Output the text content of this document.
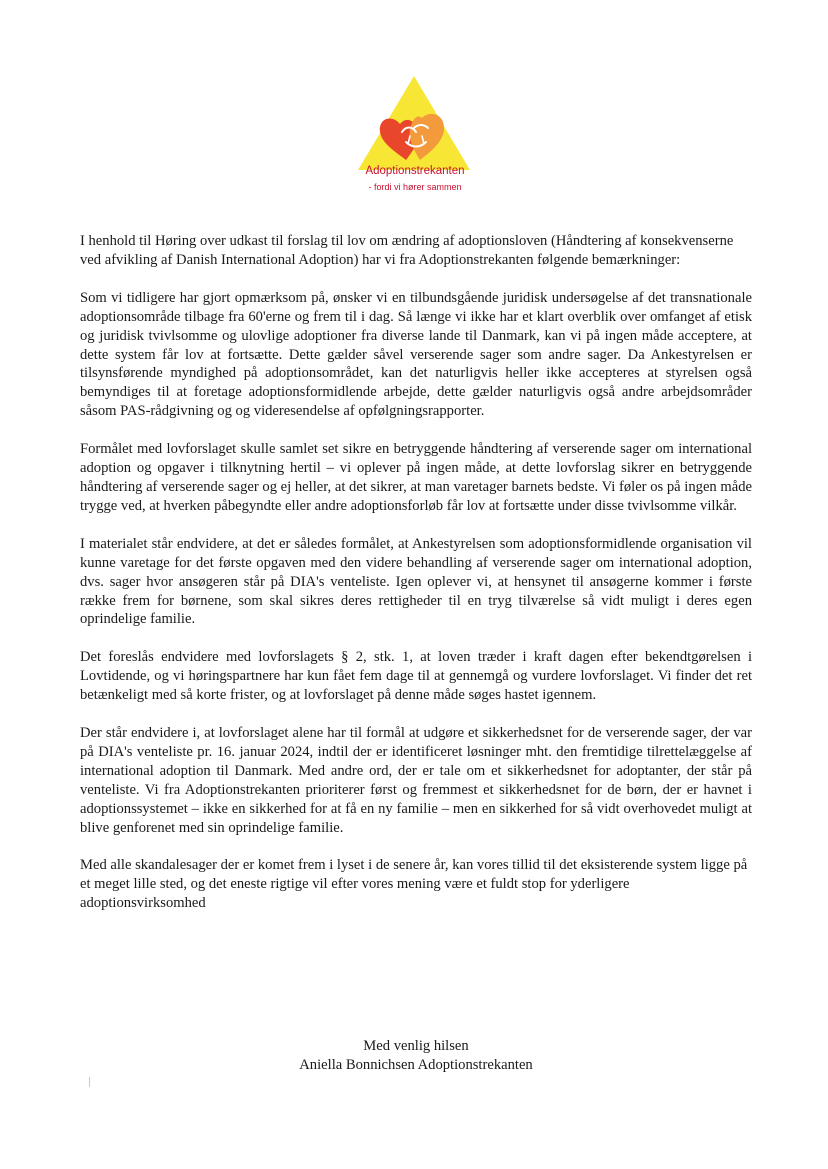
Adoptionstrekanten
- fordi vi hører sammen

I henhold til Høring over udkast til forslag til lov om ændring af adoptionsloven (Håndtering af konsekvenserne ved afvikling af Danish International Adoption) har vi fra Adoptionstrekanten følgende bemærkninger:

Som vi tidligere har gjort opmærksom på, ønsker vi en tilbundsgående juridisk undersøgelse af det transnationale adoptionsområde tilbage fra 60'erne og frem til i dag. Så længe vi ikke har et klart overblik over omfanget af etisk og juridisk tvivlsomme og ulovlige adoptioner fra diverse lande til Danmark, kan vi på ingen måde acceptere, at dette system får lov at fortsætte. Dette gælder såvel verserende sager som andre sager. Da Ankestyrelsen er tilsynsførende myndighed på adoptionsområdet, kan det naturligvis heller ikke accepteres at styrelsen også bemyndiges til at foretage adoptionsformidlende arbejde, dette gælder naturligvis også andre arbejdsområder såsom PAS-rådgivning og og videresendelse af opfølgningsrapporter.

Formålet med lovforslaget skulle samlet set sikre en betryggende håndtering af verserende sager om international adoption og opgaver i tilknytning hertil – vi oplever på ingen måde, at dette lovforslag sikrer en betryggende håndtering af verserende sager og ej heller, at det sikrer, at man varetager barnets bedste. Vi føler os på ingen måde trygge ved, at hverken påbegyndte eller andre adoptionsforløb får lov at fortsætte under disse tvivlsomme vilkår.

I materialet står endvidere, at det er således formålet, at Ankestyrelsen som adoptionsformidlende organisation vil kunne varetage for det første opgaven med den videre behandling af verserende sager om international adoption, dvs. sager hvor ansøgeren står på DIA's venteliste. Igen oplever vi, at hensynet til ansøgerne kommer i første række frem for børnene, som skal sikres deres rettigheder til en tryg tilværelse så vidt muligt i deres egen oprindelige familie.

Det foreslås endvidere med lovforslagets § 2, stk. 1, at loven træder i kraft dagen efter bekendtgørelsen i Lovtidende, og vi høringspartnere har kun fået fem dage til at gennemgå og vurdere lovforslaget. Vi finder det ret betænkeligt med så korte frister, og at lovforslaget på denne måde søges hastet igennem.

Der står endvidere i, at lovforslaget alene har til formål at udgøre et sikkerhedsnet for de verserende sager, der var på DIA's venteliste pr. 16. januar 2024, indtil der er identificeret løsninger mht. den fremtidige tilrettelæggelse af international adoption til Danmark. Med andre ord, der er tale om et sikkerhedsnet for adoptanter, der står på venteliste. Vi fra Adoptionstrekanten prioriterer først og fremmest et sikkerhedsnet for de børn, der er havnet i adoptionssystemet – ikke en sikkerhed for at få en ny familie – men en sikkerhed for så vidt overhovedet muligt at blive genforenet med sin oprindelige familie.

Med alle skandalesager der er komet frem i lyset i de senere år, kan vores tillid til det eksisterende system ligge på et meget lille sted, og det eneste rigtige vil efter vores mening være et fuldt stop for yderligere adoptionsvirksomhed

Med venlig hilsen
Aniella Bonnichsen Adoptionstrekanten
